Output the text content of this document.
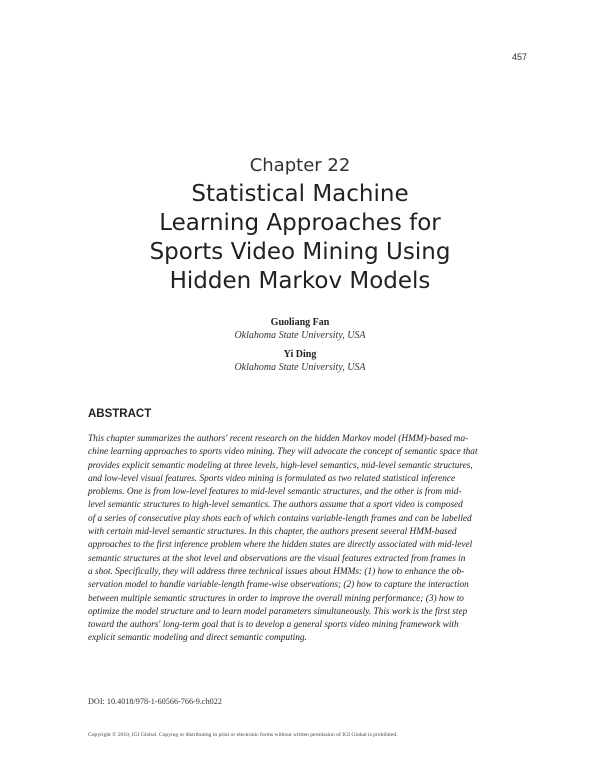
457
Chapter 22
Statistical Machine
Learning Approaches for
Sports Video Mining Using
Hidden Markov Models
Guoliang Fan
Oklahoma State University, USA
Yi Ding
Oklahoma State University, USA
ABSTRACT
This chapter summarizes the authors' recent research on the hidden Markov model (HMM)-based ma-
chine learning approaches to sports video mining. They will advocate the concept of semantic space that
provides explicit semantic modeling at three levels, high-level semantics, mid-level semantic structures,
and low-level visual features. Sports video mining is formulated as two related statistical inference
problems. One is from low-level features to mid-level semantic structures, and the other is from mid-
level semantic structures to high-level semantics. The authors assume that a sport video is composed
of a series of consecutive play shots each of which contains variable-length frames and can be labelled
with certain mid-level semantic structures. In this chapter, the authors present several HMM-based
approaches to the first inference problem where the hidden states are directly associated with mid-level
semantic structures at the shot level and observations are the visual features extracted from frames in
a shot. Specifically, they will address three technical issues about HMMs: (1) how to enhance the ob-
servation model to handle variable-length frame-wise observations; (2) how to capture the interaction
between multiple semantic structures in order to improve the overall mining performance; (3) how to
optimize the model structure and to learn model parameters simultaneously. This work is the first step
toward the authors' long-term goal that is to develop a general sports video mining framework with
explicit semantic modeling and direct semantic computing.
DOI: 10.4018/978-1-60566-766-9.ch022
Copyright © 2010, IGI Global. Copying or distributing in print or electronic forms without written permission of IGI Global is prohibited.
